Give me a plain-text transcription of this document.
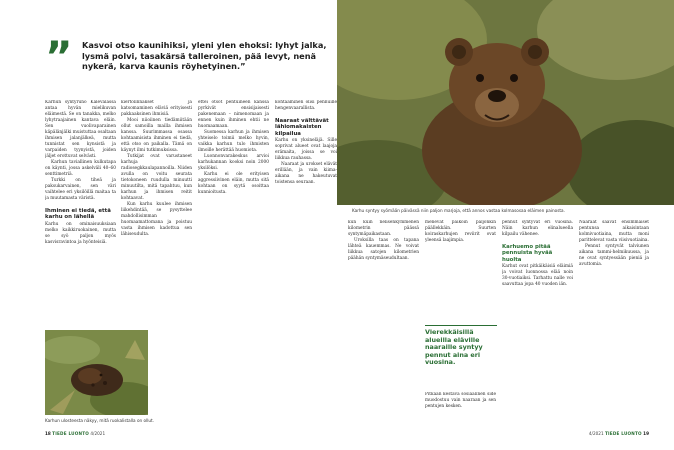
” Kasvoi otso kaunihiksi, yleni ylen ehoksi: lyhyt jalka, lysmä polvi, tasakärsä talleroinen, pää levyt, nenä nykerä, karva kaunis röyhetyinen.”
Karhun syntyruno Kalevalassa antaa hyvän mielikuvan eläimestä. Se on tanakka, melko lyhytraajainen kantava eläin. Sen vuolivaparainen käpälänjälki muistuttaa osaltaan ihmisen jalanjälkeä, mutta tunnistat sen kynsistä ja varpaiden tyynyistä, joiden jäljet erottuvat selvästi.
Karhun taviallinen kulkutapa on käynti, jossa askelväli 40–60 senttimetriä.
Turkki on tiheä ja paksukarvainen, sen väri vaihtelee eri yksilöillä maitaa ta ja muutamasta väristä.
Ihminen ei tiedä, että karhu on lähellä
Karhu on ominaisuuksiaan melko kaikkiruokainen, mutta se syö paljon myös kasvisravintoa ja hyönteisiä.
kiertolinnakset ja katsomaminen eläviä erityisesti pakkaaksinen ihmisiä.
Mooi niioiinen tiedämiitään ollut samoilla mailla ihmisen kanssa. Suurimmassa osassa kohtaamisista ihminen ei tiedä, että otso on paikalla. Tämä on käynyt ilmi tutkimuksissa.
Tutkijat ovat varustaneet karhuja radiosegkkaulapannoilla. Niiden avulla on voitu seurata tietokoneen ruudulla minuutti minuutilta, mitä tapahtuu, kun karhun ja ihmisen reitit kohtaavat.
Kun karhu kuulee ihmisen liikehdintää, se pysyttelee mahdollisimman huomaamattomana ja poistuu vasta ihmisen kadottua sen lähiseudulta.
ettei otsot pentuineen kanssa pyrkivät ensisijaisesti pakenemaan – nimenomaan ja ennen kuin ihminen ehtii ne huomaamaan.
Suomessa karhun ja ihmisen yhteiselo toimii melko hyvin, vaikka karhun tulo ihmisten ilmoille herättää huomiota.
Luonnonvarakeskus arvioi karhukannan kooksi noin 2000 yksilöksi.
Karhu ei ole erityisen aggressiivinen eläin, mutta sitä kohtaan on syytä osoittaa kunnioitusta.
kohtaaminen olisi pennuille hengenvaarallista.
Naaraat välttävät lähiomakaisten kilpailua
Karhu on yksineläjä. Sille soprivat alueet ovat laajoja erämaita, joissa se voi liikkua rauhassa.
Naaraat ja urokset elävät erillään, ja vain kiima-aikana ne hakeutuvat toistensa seuraan.
Karhun ulosteesta näkyy, mitä ruokalistalla on ollut.
18 TIEDE LUONTO 4/2021
Karhu syntyy syömään päivässä niin paljon marjoja, että annos vastaa kolmasosaa eläimen painosta.
kun kuin nelisenkymmenen kilometrin päässä syntymäpaikastaan.
Uroksilla taas on tapana lähteä kauemmas. Ne voivat liikkua satojen kilometrien päähän syntymäseudultaan.
menevät paikoin paljonkin päällekkäin. Suurten koiraskarhujen reviirit ovat yleensä laajimpia.
Vierekkäisillä alueilla eläville naaraille syntyy pennut aina eri vuosina.
Pitkään kestävä sosiaalinen side muodostuu vain naaraan ja sen pentujen kesken.
pennut syntyvät eri vuosina. Näin karhun elinalueella kilpailu vähenee.
Karhuemo pitää pennuista hyvää huolta
Karhut ovat pitkäikäisiä eläimiä ja voivat luonnossa elää noin 30-vuotiaiksi. Tarhattu nalle voi saavuttaa jopa 40 vuoden iän.
Naaraat saavat ensimmäiset pentunsa aikaisintaan kolmivuotiaina, mutta moni parittelevat vasta viisivuotiaina.
Pennut syntyvät talviunen aikana tammi-helmikuussa, ja ne ovat syntyessään pieniä ja avuttomia.
4/2021 TIEDE LUONTO 19
